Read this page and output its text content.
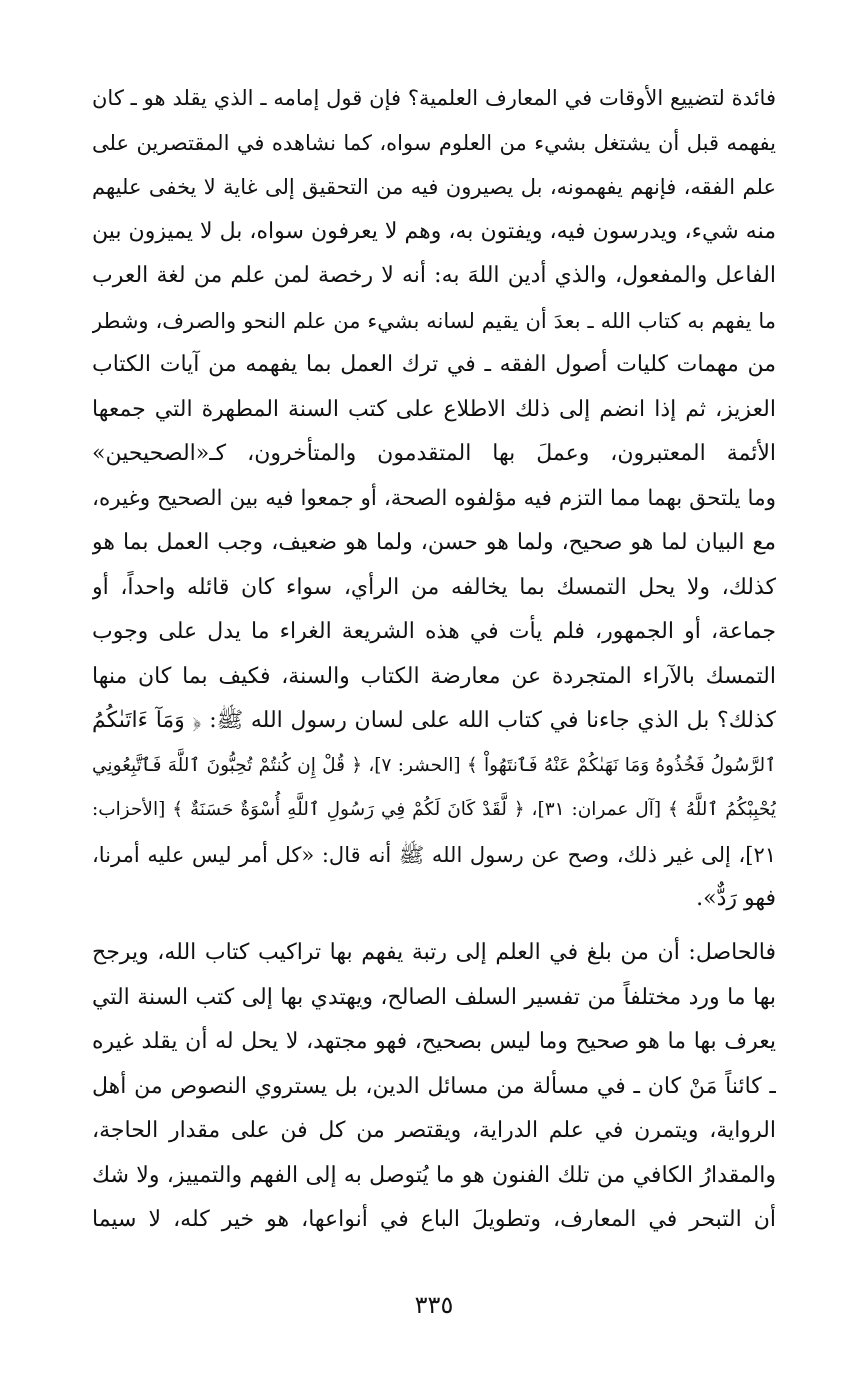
فائدة لتضييع الأوقات في المعارف العلمية؟ فإن قول إمامه ـ الذي يقلد هو ـ كان
يفهمه قبل أن يشتغل بشيء من العلوم سواه، كما نشاهده في المقتصرين على
علم الفقه، فإنهم يفهمونه، بل يصيرون فيه من التحقيق إلى غاية لا يخفى عليهم
منه شيء، ويدرسون فيه، ويفتون به، وهم لا يعرفون سواه، بل لا يميزون بين
الفاعل والمفعول، والذي أدين اللهَ به: أنه لا رخصة لمن علم من لغة العرب
ما يفهم به كتاب الله ـ بعدَ أن يقيم لسانه بشيء من علم النحو والصرف، وشطر
من مهمات كليات أصول الفقه ـ في ترك العمل بما يفهمه من آيات الكتاب
العزيز، ثم إذا انضم إلى ذلك الاطلاع على كتب السنة المطهرة التي جمعها
الأئمة المعتبرون، وعملَ بها المتقدمون والمتأخرون، كـ«الصحيحين»
وما يلتحق بهما مما التزم فيه مؤلفوه الصحة، أو جمعوا فيه بين الصحيح وغيره،
مع البيان لما هو صحيح، ولما هو حسن، ولما هو ضعيف، وجب العمل بما هو
كذلك، ولا يحل التمسك بما يخالفه من الرأي، سواء كان قائله واحداً، أو
جماعة، أو الجمهور، فلم يأت في هذه الشريعة الغراء ما يدل على وجوب
التمسك بالآراء المتجردة عن معارضة الكتاب والسنة، فكيف بما كان منها
كذلك؟ بل الذي جاءنا في كتاب الله على لسان رسول الله ﷺ: ﴿ وَمَآ ءَاتَىٰكُمُ
ٱلرَّسُولُ فَخُذُوهُ وَمَا نَهَىٰكُمْ عَنْهُ فَٱنتَهُواْ ﴾ [الحشر: ٧]، ﴿ قُلْ إِن كُنتُمْ تُحِبُّونَ ٱللَّهَ فَٱتَّبِعُونِي
يُحْبِبْكُمُ ٱللَّهُ ﴾ [آل عمران: ٣١]، ﴿ لَّقَدْ كَانَ لَكُمْ فِي رَسُولِ ٱللَّهِ أُسْوَةٌ حَسَنَةٌ ﴾ [الأحزاب:
٢١]، إلى غير ذلك، وصح عن رسول الله ﷺ أنه قال: «كل أمر ليس عليه أمرنا،
فهو رَدٌّ».
فالحاصل: أن من بلغ في العلم إلى رتبة يفهم بها تراكيب كتاب الله، ويرجح
بها ما ورد مختلفاً من تفسير السلف الصالح، ويهتدي بها إلى كتب السنة التي
يعرف بها ما هو صحيح وما ليس بصحيح، فهو مجتهد، لا يحل له أن يقلد غيره
ـ كائناً مَنْ كان ـ في مسألة من مسائل الدين، بل يستروي النصوص من أهل
الرواية، ويتمرن في علم الدراية، ويقتصر من كل فن على مقدار الحاجة،
والمقدارُ الكافي من تلك الفنون هو ما يُتوصل به إلى الفهم والتمييز، ولا شك
أن التبحر في المعارف، وتطويلَ الباع في أنواعها، هو خير كله، لا سيما
٣٣٥
